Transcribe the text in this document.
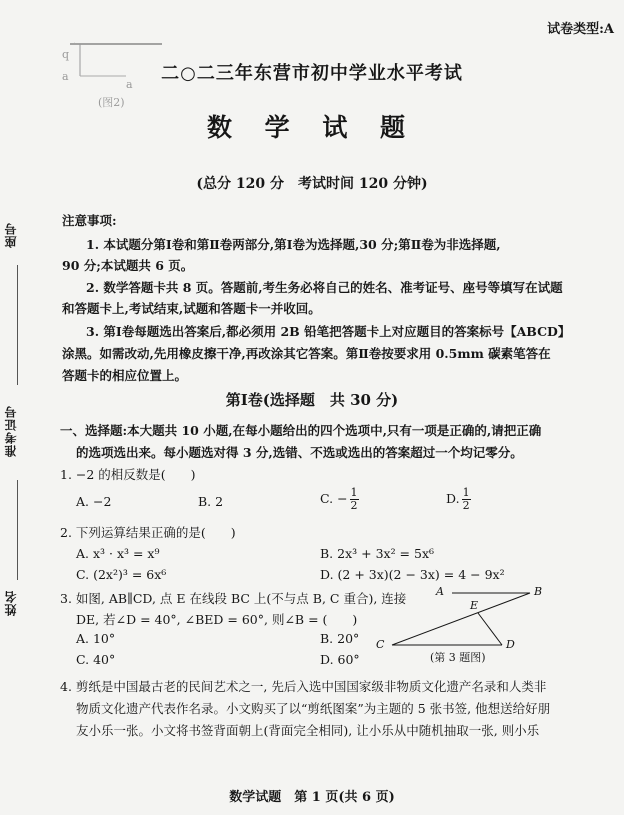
q
a
a
(图2)
试卷类型:A
座号
准考证号
姓名
二○二三年东营市初中学业水平考试
数 学 试 题
(总分 120 分　考试时间 120 分钟)
注意事项:
1. 本试题分第Ⅰ卷和第Ⅱ卷两部分,第Ⅰ卷为选择题,30 分;第Ⅱ卷为非选择题,
90 分;本试题共 6 页。
2. 数学答题卡共 8 页。答题前,考生务必将自己的姓名、准考证号、座号等填写在试题
和答题卡上,考试结束,试题和答题卡一并收回。
3. 第Ⅰ卷每题选出答案后,都必须用 2B 铅笔把答题卡上对应题目的答案标号【ABCD】
涂黑。如需改动,先用橡皮擦干净,再改涂其它答案。第Ⅱ卷按要求用 0.5mm 碳素笔答在
答题卡的相应位置上。
第Ⅰ卷(选择题　共 30 分)
一、选择题:本大题共 10 小题,在每小题给出的四个选项中,只有一项是正确的,请把正确
的选项选出来。每小题选对得 3 分,选错、不选或选出的答案超过一个均记零分。
1. −2 的相反数是(　　)
A. −2	B. 2	C. − $\frac{1}{2}$	D. $\frac{1}{2}$
2. 下列运算结果正确的是(　　)
A. x³ · x³ = x⁹	B. 2x³ + 3x² = 5x⁶
C. (2x²)³ = 6x⁶	D. (2 + 3x)(2 − 3x) = 4 − 9x²
3. 如图, AB∥CD, 点 E 在线段 BC 上(不与点 B, C 重合), 连接
DE, 若∠D = 40°, ∠BED = 60°, 则∠B = (　　)
A. 10°	B. 20°
C. 40°	D. 60°
A	B
E
C	D
(第 3 题图)
4. 剪纸是中国最古老的民间艺术之一, 先后入选中国国家级非物质文化遗产名录和人类非
物质文化遗产代表作名录。小文购买了以“剪纸图案”为主题的 5 张书签, 他想送给好朋
友小乐一张。小文将书签背面朝上(背面完全相同), 让小乐从中随机抽取一张, 则小乐
数学试题　第 1 页(共 6 页)
